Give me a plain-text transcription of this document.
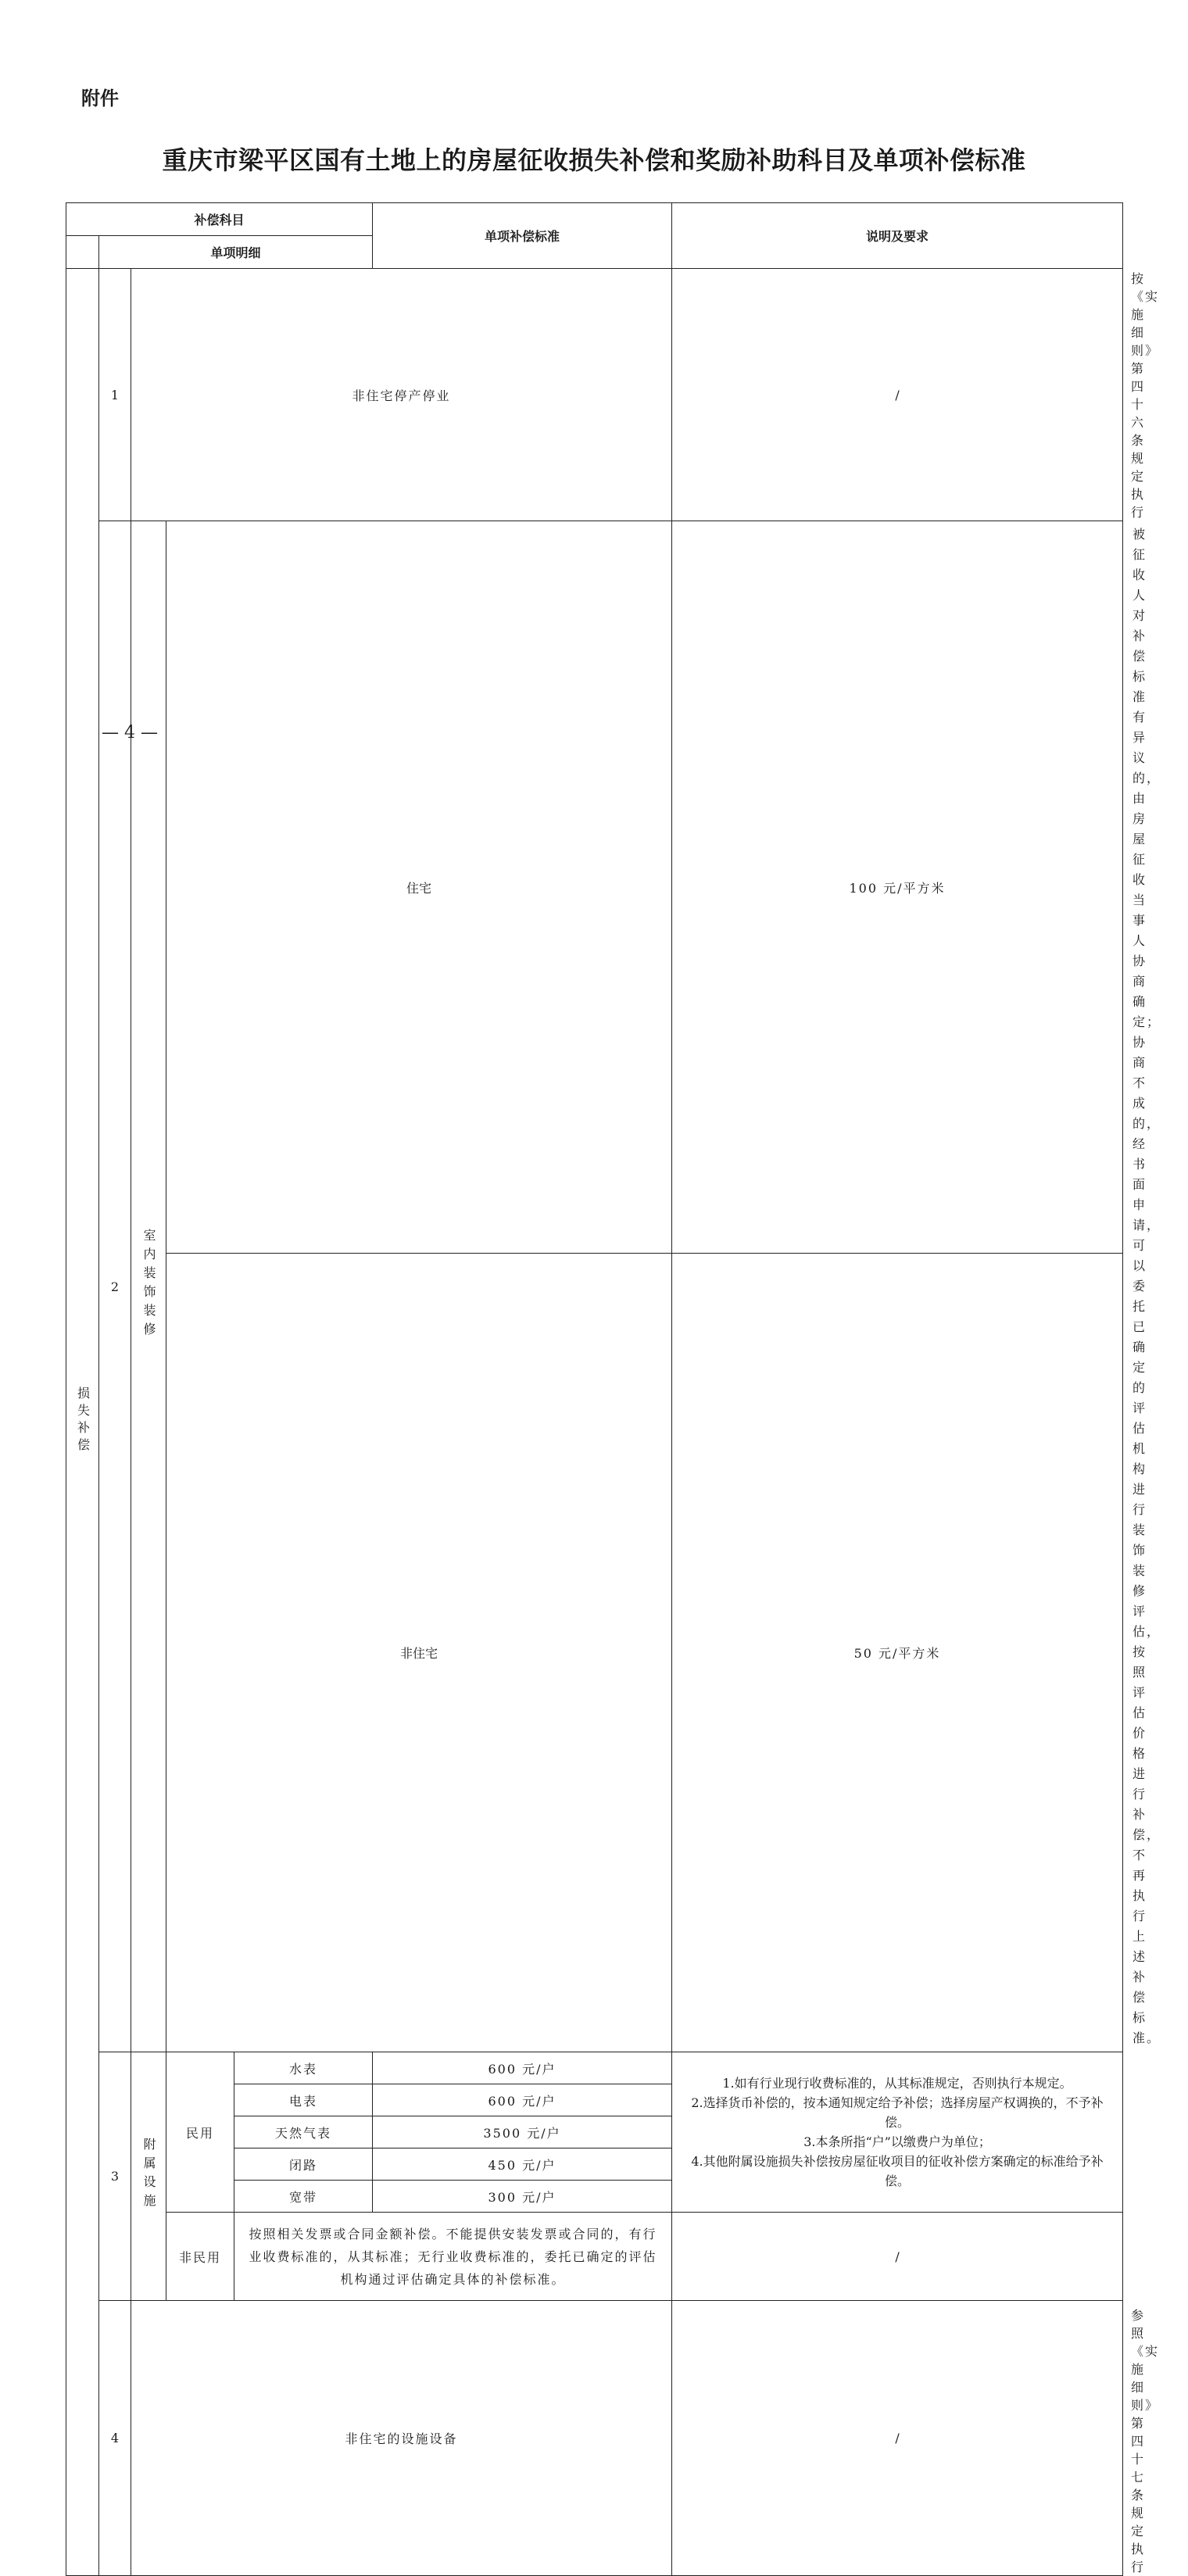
附件
重庆市梁平区国有土地上的房屋征收损失补偿和奖励补助科目及单项补偿标准
补偿科目					单项补偿标准	说明及要求	
	单项明细						
损失补偿	1	非住宅停产停业				/	按《实施细则》第四十六条规定执行
	2	室内装饰装修	住宅			100 元/平方米	被征收人对补偿标准有异议的，由房屋征收当事人协商确定；协商不成的，经书面申请，可以委托已确定的评估机构进行装饰装修评估，按照评估价格进行补偿，不再执行上述补偿标准。
			非住宅			50 元/平方米	
	3	附属设施	民用	水表	600 元/户	1.如有行业现行收费标准的，从其标准规定，否则执行本规定。
2.选择货币补偿的，按本通知规定给予补偿；选择房屋产权调换的，不予补偿。
3.本条所指“户”以缴费户为单位；
4.其他附属设施损失补偿按房屋征收项目的征收补偿方案确定的标准给予补偿。	

				电表	600 元/户		
				天然气表	3500 元/户		
				闭路	450 元/户		
				宽带	300 元/户		
			非民用	按照相关发票或合同金额补偿。不能提供安装发票或合同的，有行业收费标准的，从其标准；无行业收费标准的，委托已确定的评估机构通过评估确定具体的补偿标准。		/	
	4	非住宅的设施设备				/	参照《实施细则》第四十七条规定执行
— 4 —
